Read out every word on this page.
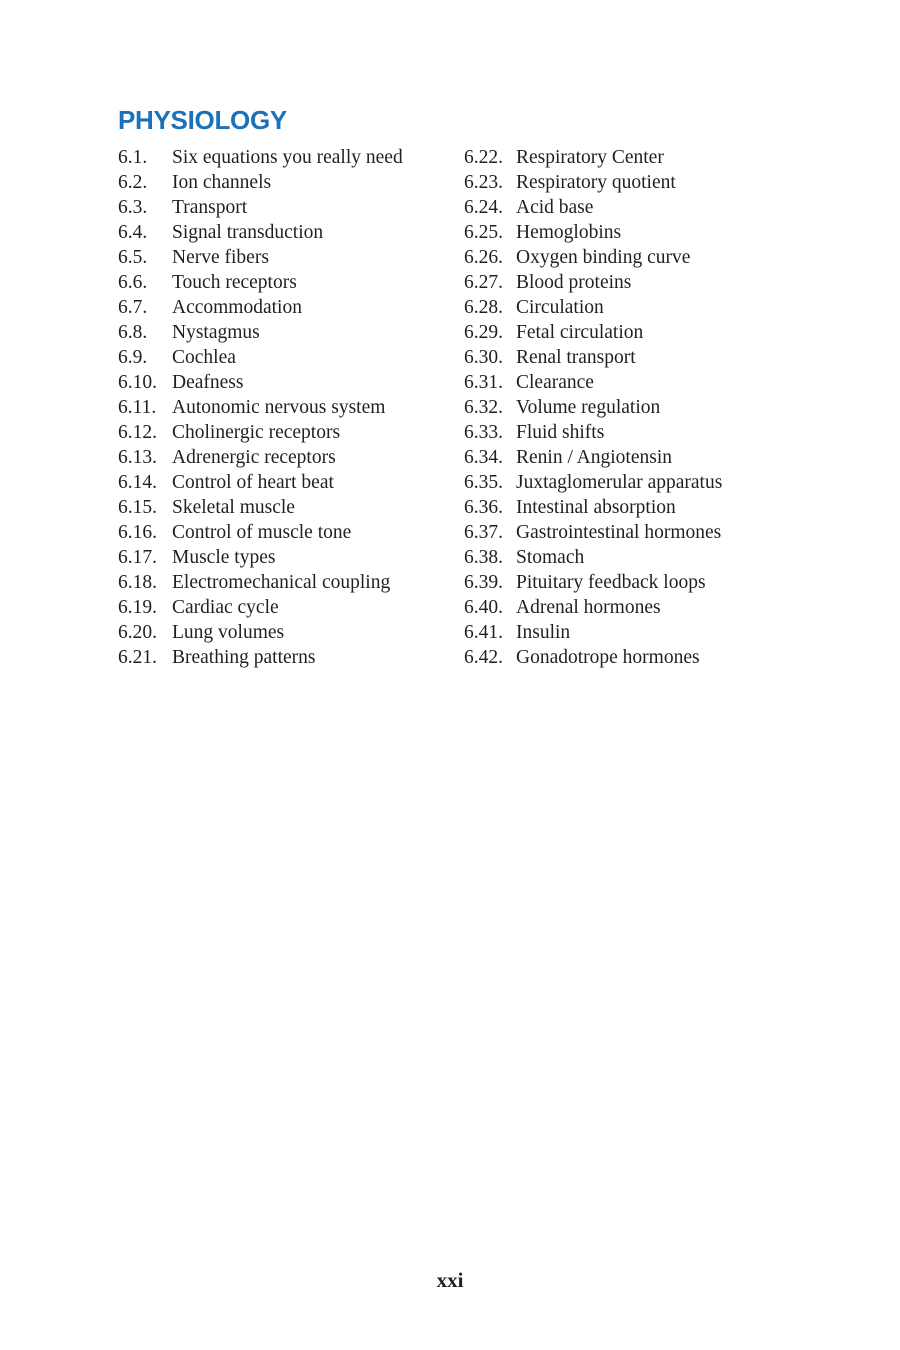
PHYSIOLOGY
6.1.	Six equations you really need
6.2.	Ion channels
6.3.	Transport
6.4.	Signal transduction
6.5.	Nerve fibers
6.6.	Touch receptors
6.7.	Accommodation
6.8.	Nystagmus
6.9.	Cochlea
6.10. Deafness
6.11. Autonomic nervous system
6.12. Cholinergic receptors
6.13. Adrenergic receptors
6.14. Control of heart beat
6.15. Skeletal muscle
6.16. Control of muscle tone
6.17. Muscle types
6.18. Electromechanical coupling
6.19. Cardiac cycle
6.20. Lung volumes
6.21. Breathing patterns
6.22. Respiratory Center
6.23. Respiratory quotient
6.24. Acid base
6.25. Hemoglobins
6.26. Oxygen binding curve
6.27. Blood proteins
6.28. Circulation
6.29. Fetal circulation
6.30. Renal transport
6.31. Clearance
6.32. Volume regulation
6.33. Fluid shifts
6.34. Renin / Angiotensin
6.35. Juxtaglomerular apparatus
6.36. Intestinal absorption
6.37. Gastrointestinal hormones
6.38. Stomach
6.39. Pituitary feedback loops
6.40. Adrenal hormones
6.41. Insulin
6.42. Gonadotrope hormones
xxi
